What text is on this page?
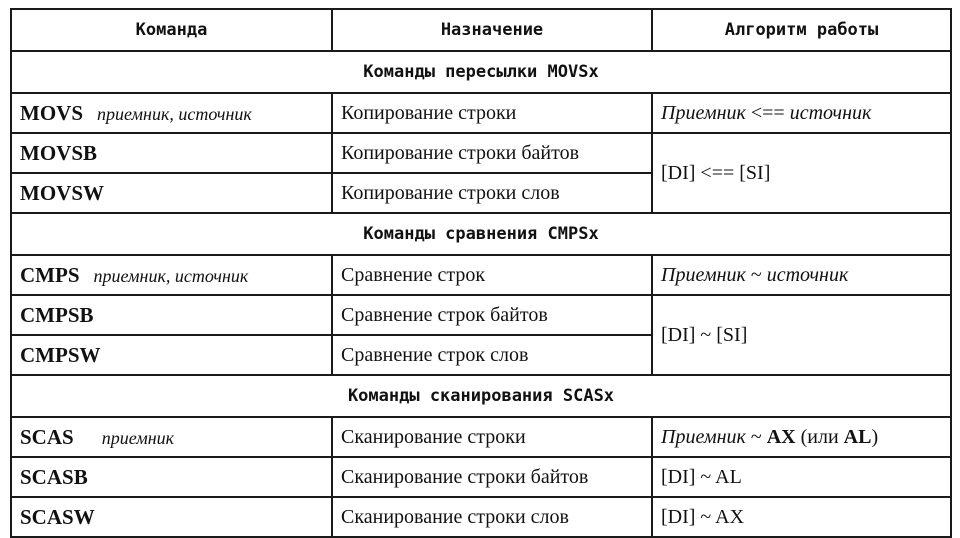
Команда	Назначение	Алгоритм работы
Команды пересылки MOVSx		
MOVS приемник, источник	Копирование строки	Приемник <== источник
MOVSB	Копирование строки байтов	[DI] <== [SI]
MOVSW	Копирование строки слов	
Команды сравнения CMPSx		
CMPS приемник, источник	Сравнение строк	Приемник ~ источник
CMPSB	Сравнение строк байтов	[DI] ~ [SI]
CMPSW	Сравнение строк слов	
Команды сканирования SCASx		
SCAS приемник	Сканирование строки	Приемник ~ AX (или AL)
SCASB	Сканирование строки байтов	[DI] ~ AL
SCASW	Сканирование строки слов	[DI] ~ AX
